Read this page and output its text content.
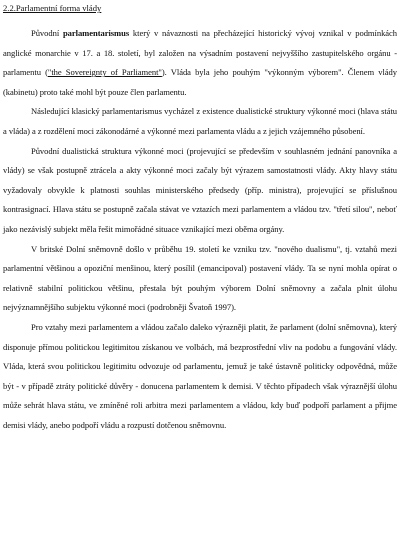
2.2.Parlamentní forma vlády

Původní parlamentarismus který v návaznosti na přecházející historický vývoj vznikal v podmínkách anglické monarchie v 17. a 18. století, byl založen na výsadním postavení nejvyššího zastupitelského orgánu - parlamentu ("the Sovereignty of Parliament"). Vláda byla jeho pouhým "výkonným výborem". Členem vlády (kabinetu) proto také mohl být pouze člen parlamentu.

Následující klasický parlamentarismus vycházel z existence dualistické struktury výkonné moci (hlava státu a vláda) a z rozdělení moci zákonodárné a výkonné mezi parlamenta vládu a z jejich vzájemného působení.

Původní dualistická struktura výkonné moci (projevující se především v souhlasném jednání panovníka a vlády) se však postupně ztrácela a akty výkonné moci začaly být výrazem samostatnosti vlády. Akty hlavy státu vyžadovaly obvykle k platnosti souhlas ministerského předsedy (příp. ministra), projevující se příslušnou kontrasignací. Hlava státu se postupně začala stávat ve vztazích mezi parlamentem a vládou tzv. "třetí silou", neboť jako nezávislý subjekt měla řešit mimořádné situace vznikající mezi oběma orgány.

V britské Dolní sněmovně došlo v průběhu 19. století ke vzniku tzv. "nového dualismu", tj. vztahů mezi parlamentní většinou a opoziční menšinou, který posílil (emancipoval) postavení vlády. Ta se nyní mohla opírat o relativně stabilní politickou většinu, přestala být pouhým výborem Dolní sněmovny a začala plnit úlohu nejvýznamnějšího subjektu výkonné moci (podrobněji Švatoň 1997).

Pro vztahy mezi parlamentem a vládou začalo daleko výrazněji platit, že parlament (dolní sněmovna), který disponuje přímou politickou legitimitou získanou ve volbách, má bezprostřední vliv na podobu a fungování vlády. Vláda, která svou politickou legitimitu odvozuje od parlamentu, jemuž je také ústavně politicky odpovědná, může být - v případě ztráty politické důvěry - donucena parlamentem k demisi. V těchto případech však výraznější úlohu může sehrát hlava státu, ve zmíněné roli arbitra mezi parlamentem a vládou, kdy buď podpoří parlament a přijme demisi vlády, anebo podpoří vládu a rozpustí dotčenou sněmovnu.
